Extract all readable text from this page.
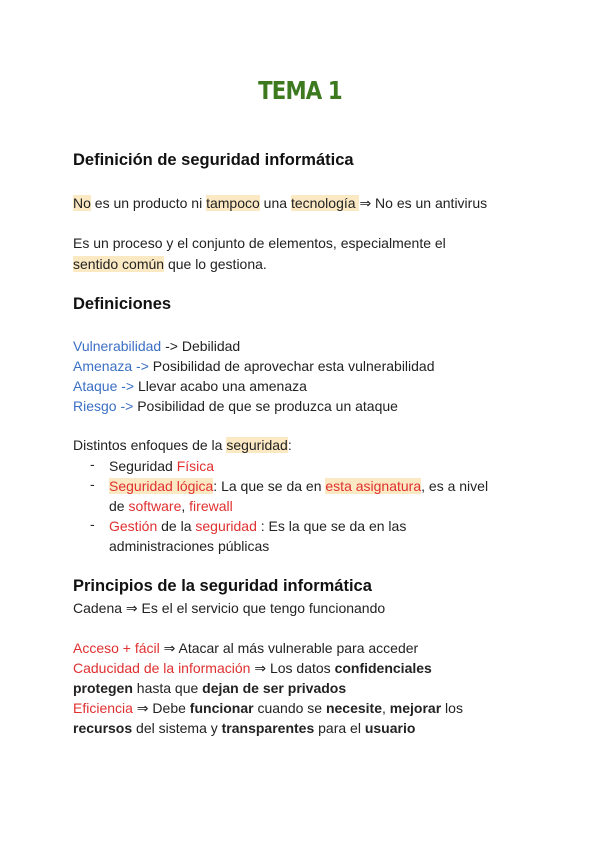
TEMA 1
Definición de seguridad informática
No es un producto ni tampoco una tecnología ⇒ No es un antivirus
Es un proceso y el conjunto de elementos, especialmente el
sentido común que lo gestiona.
Definiciones
Vulnerabilidad -> Debilidad
Amenaza -> Posibilidad de aprovechar esta vulnerabilidad
Ataque -> Llevar acabo una amenaza
Riesgo -> Posibilidad de que se produzca un ataque
Distintos enfoques de la seguridad:
- Seguridad Física
- Seguridad lógica: La que se da en esta asignatura, es a nivel
de software, firewall
- Gestión de la seguridad : Es la que se da en las
administraciones públicas
Principios de la seguridad informática
Cadena ⇒ Es el el servicio que tengo funcionando
Acceso + fácil ⇒ Atacar al más vulnerable para acceder
Caducidad de la información ⇒ Los datos confidenciales
protegen hasta que dejan de ser privados
Eficiencia ⇒ Debe funcionar cuando se necesite, mejorar los
recursos del sistema y transparentes para el usuario
